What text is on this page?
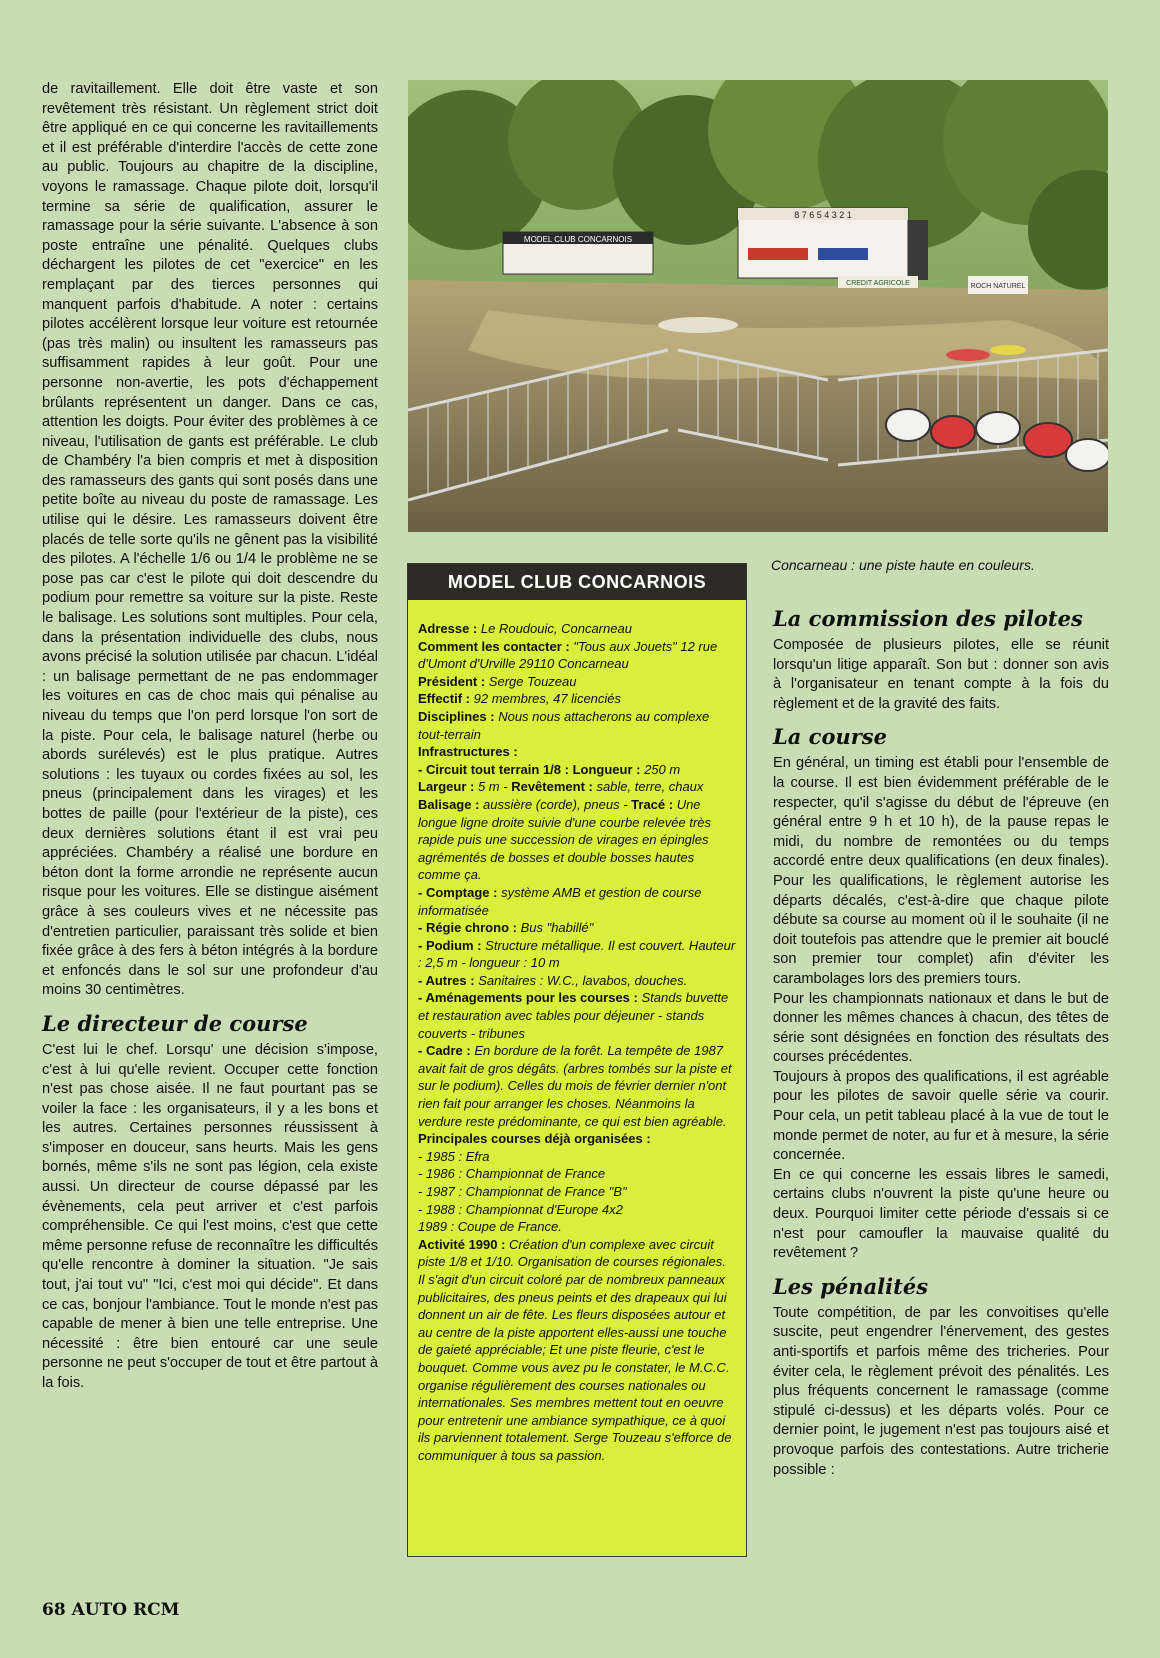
de ravitaillement. Elle doit être vaste et son revêtement très résistant. Un règlement strict doit être appliqué en ce qui concerne les ravitaillements et il est préférable d'interdire l'accès de cette zone au public. Toujours au chapitre de la discipline, voyons le ramassage. Chaque pilote doit, lorsqu'il termine sa série de qualification, assurer le ramassage pour la série suivante. L'absence à son poste entraîne une pénalité. Quelques clubs déchargent les pilotes de cet "exercice" en les remplaçant par des tierces personnes qui manquent parfois d'habitude. A noter : certains pilotes accélèrent lorsque leur voiture est retournée (pas très malin) ou insultent les ramasseurs pas suffisamment rapides à leur goût. Pour une personne non-avertie, les pots d'échappement brûlants représentent un danger. Dans ce cas, attention les doigts. Pour éviter des problèmes à ce niveau, l'utilisation de gants est préférable. Le club de Chambéry l'a bien compris et met à disposition des ramasseurs des gants qui sont posés dans une petite boîte au niveau du poste de ramassage. Les utilise qui le désire. Les ramasseurs doivent être placés de telle sorte qu'ils ne gênent pas la visibilité des pilotes. A l'échelle 1/6 ou 1/4 le problème ne se pose pas car c'est le pilote qui doit descendre du podium pour remettre sa voiture sur la piste. Reste le balisage. Les solutions sont multiples. Pour cela, dans la présentation individuelle des clubs, nous avons précisé la solution utilisée par chacun. L'idéal : un balisage permettant de ne pas endommager les voitures en cas de choc mais qui pénalise au niveau du temps que l'on perd lorsque l'on sort de la piste. Pour cela, le balisage naturel (herbe ou abords surélevés) est le plus pratique. Autres solutions : les tuyaux ou cordes fixées au sol, les pneus (principalement dans les virages) et les bottes de paille (pour l'extérieur de la piste), ces deux dernières solutions étant il est vrai peu appréciées. Chambéry a réalisé une bordure en béton dont la forme arrondie ne représente aucun risque pour les voitures. Elle se distingue aisément grâce à ses couleurs vives et ne nécessite pas d'entretien particulier, paraissant très solide et bien fixée grâce à des fers à béton intégrés à la bordure et enfoncés dans le sol sur une profondeur d'au moins 30 centimètres.

Le directeur de course

C'est lui le chef. Lorsqu' une décision s'impose, c'est à lui qu'elle revient. Occuper cette fonction n'est pas chose aisée. Il ne faut pourtant pas se voiler la face : les organisateurs, il y a les bons et les autres. Certaines personnes réussissent à s'imposer en douceur, sans heurts. Mais les gens bornés, même s'ils ne sont pas légion, cela existe aussi. Un directeur de course dépassé par les évènements, cela peut arriver et c'est parfois compréhensible. Ce qui l'est moins, c'est que cette même personne refuse de reconnaître les difficultés qu'elle rencontre à dominer la situation. "Je sais tout, j'ai tout vu" "Ici, c'est moi qui décide". Et dans ce cas, bonjour l'ambiance. Tout le monde n'est pas capable de mener à bien une telle entreprise. Une nécessité : être bien entouré car une seule personne ne peut s'occuper de tout et être partout à la fois.

MODEL CLUB CONCARNOIS
8 7 6 5 4 3 2 1
CREDIT AGRICOLE	ROCH NATUREL
Concarneau : une piste haute en couleurs.
MODEL CLUB CONCARNOIS

Adresse : Le Roudouic, Concarneau

Comment les contacter : "Tous aux Jouets" 12 rue d'Umont d'Urville 29110 Concarneau

Président : Serge Touzeau

Effectif : 92 membres, 47 licenciés

Disciplines : Nous nous attacherons au complexe tout-terrain

Infrastructures :

- Circuit tout terrain 1/8 : Longueur : 250 m
Largeur : 5 m - Revêtement : sable, terre, chaux Balisage : aussière (corde), pneus - Tracé : Une longue ligne droite suivie d'une courbe relevée très rapide puis une succession de virages en épingles agrémentés de bosses et double bosses hautes comme ça.

- Comptage : système AMB et gestion de course informatisée

- Régie chrono : Bus "habillé"

- Podium : Structure métallique. Il est couvert. Hauteur : 2,5 m - longueur : 10 m

- Autres : Sanitaires : W.C., lavabos, douches.

- Aménagements pour les courses : Stands buvette et restauration avec tables pour déjeuner - stands couverts - tribunes

- Cadre : En bordure de la forêt. La tempête de 1987 avait fait de gros dégâts. (arbres tombés sur la piste et sur le podium). Celles du mois de février dernier n'ont rien fait pour arranger les choses. Néanmoins la verdure reste prédominante, ce qui est bien agréable.

Principales courses déjà organisées :

- 1985 : Efra

- 1986 : Championnat de France

- 1987 : Championnat de France "B"

- 1988 : Championnat d'Europe 4x2

1989 : Coupe de France.

Activité 1990 : Création d'un complexe avec circuit piste 1/8 et 1/10. Organisation de courses régionales.

Il s'agit d'un circuit coloré par de nombreux panneaux publicitaires, des pneus peints et des drapeaux qui lui donnent un air de fête. Les fleurs disposées autour et au centre de la piste apportent elles-aussi une touche de gaieté appréciable; Et une piste fleurie, c'est le bouquet. Comme vous avez pu le constater, le M.C.C. organise régulièrement des courses nationales ou internationales. Ses membres mettent tout en oeuvre pour entretenir une ambiance sympathique, ce à quoi ils parviennent totalement. Serge Touzeau s'efforce de communiquer à tous sa passion.

La commission des pilotes

Composée de plusieurs pilotes, elle se réunit lorsqu'un litige apparaît. Son but : donner son avis à l'organisateur en tenant compte à la fois du règlement et de la gravité des faits.

La course

En général, un timing est établi pour l'ensemble de la course. Il est bien évidemment préférable de le respecter, qu'il s'agisse du début de l'épreuve (en général entre 9 h et 10 h), de la pause repas le midi, du nombre de remontées ou du temps accordé entre deux qualifications (en deux finales). Pour les qualifications, le règlement autorise les départs décalés, c'est-à-dire que chaque pilote débute sa course au moment où il le souhaite (il ne doit toutefois pas attendre que le premier ait bouclé son premier tour complet) afin d'éviter les carambolages lors des premiers tours.

Pour les championnats nationaux et dans le but de donner les mêmes chances à chacun, des têtes de série sont désignées en fonction des résultats des courses précédentes.

Toujours à propos des qualifications, il est agréable pour les pilotes de savoir quelle série va courir. Pour cela, un petit tableau placé à la vue de tout le monde permet de noter, au fur et à mesure, la série concernée.

En ce qui concerne les essais libres le samedi, certains clubs n'ouvrent la piste qu'une heure ou deux. Pourquoi limiter cette période d'essais si ce n'est pour camoufler la mauvaise qualité du revêtement ?

Les pénalités

Toute compétition, de par les convoitises qu'elle suscite, peut engendrer l'énervement, des gestes anti-sportifs et parfois même des tricheries. Pour éviter cela, le règlement prévoit des pénalités. Les plus fréquents concernent le ramassage (comme stipulé ci-dessus) et les départs volés. Pour ce dernier point, le jugement n'est pas toujours aisé et provoque parfois des contestations. Autre tricherie possible :

68 AUTO RCM
